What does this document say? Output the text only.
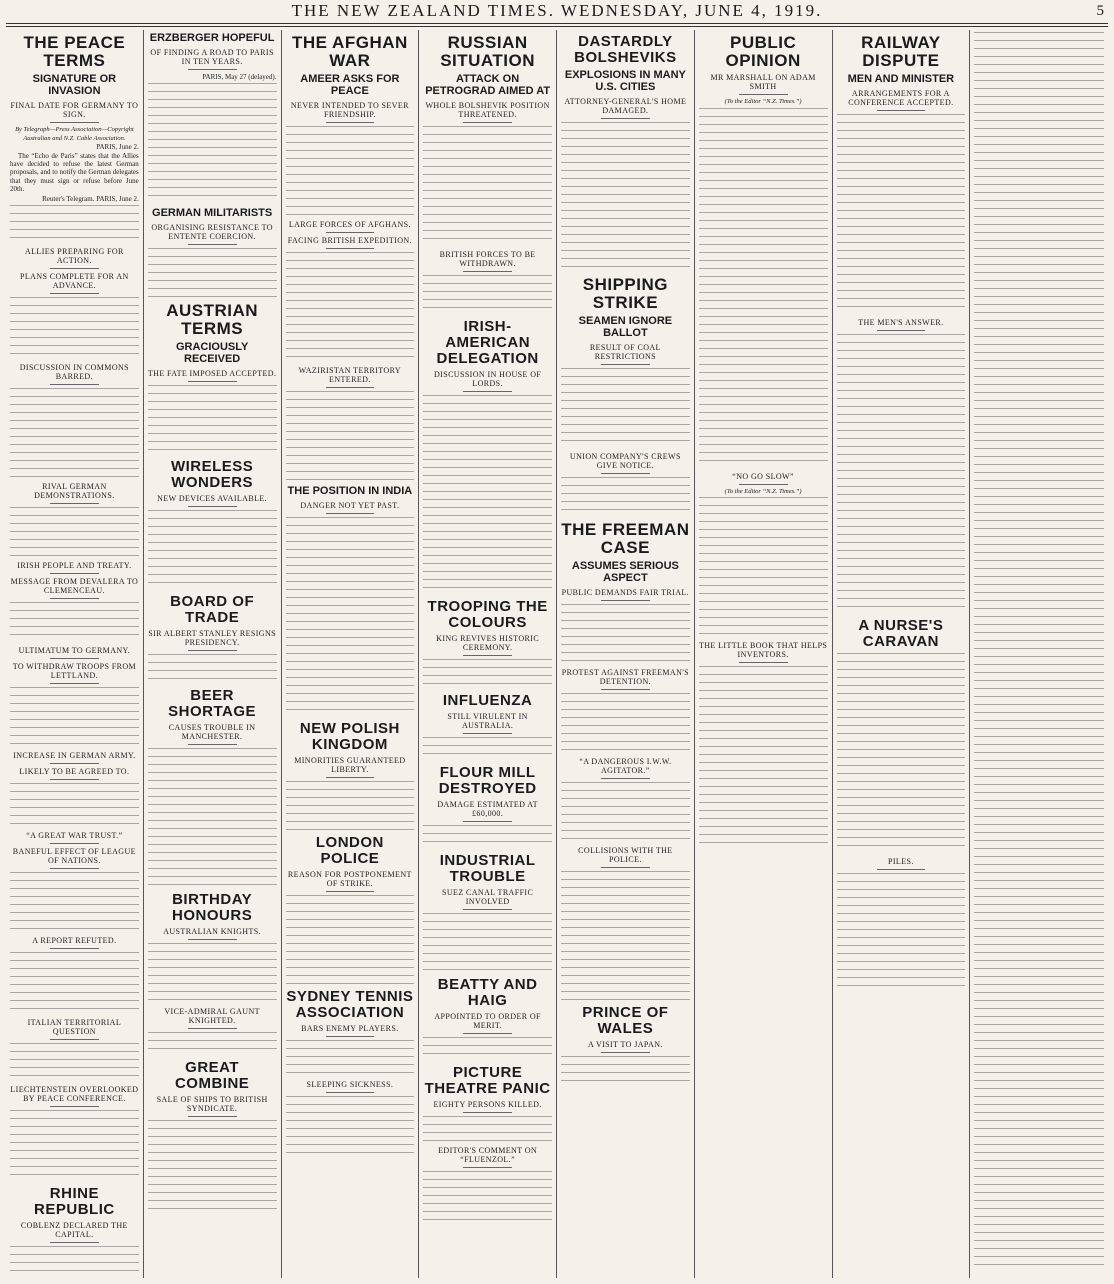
THE NEW ZEALAND TIMES. WEDNESDAY, JUNE 4, 1919.	5
THE PEACE TERMS
SIGNATURE OR INVASION
FINAL DATE FOR GERMANY TO SIGN.
By Telegraph—Press Association—Copyright
Australian and N.Z. Cable Association.
PARIS, June 2.
The “Echo de Paris” states that the Allies have decided to refuse the latest German proposals, and to notify the German delegates that they must sign or refuse before June 20th.
Reuter's Telegram. PARIS, June 2.
ALLIES PREPARING FOR ACTION.
PLANS COMPLETE FOR AN ADVANCE.
DISCUSSION IN COMMONS BARRED.
RIVAL GERMAN DEMONSTRATIONS.
IRISH PEOPLE AND TREATY.
MESSAGE FROM DEVALERA TO CLEMENCEAU.
ULTIMATUM TO GERMANY.
TO WITHDRAW TROOPS FROM LETTLAND.
INCREASE IN GERMAN ARMY.
LIKELY TO BE AGREED TO.
“A GREAT WAR TRUST.”
BANEFUL EFFECT OF LEAGUE OF NATIONS.
A REPORT REFUTED.
ITALIAN TERRITORIAL QUESTION
LIECHTENSTEIN OVERLOOKED BY PEACE CONFERENCE.
RHINE REPUBLIC
COBLENZ DECLARED THE CAPITAL.
ERZBERGER HOPEFUL
OF FINDING A ROAD TO PARIS IN TEN YEARS.
PARIS, May 27 (delayed).
GERMAN MILITARISTS
ORGANISING RESISTANCE TO ENTENTE COERCION.
AUSTRIAN TERMS
GRACIOUSLY RECEIVED
THE FATE IMPOSED ACCEPTED.
WIRELESS WONDERS
NEW DEVICES AVAILABLE.
BOARD OF TRADE
SIR ALBERT STANLEY RESIGNS PRESIDENCY.
BEER SHORTAGE
CAUSES TROUBLE IN MANCHESTER.
BIRTHDAY HONOURS
AUSTRALIAN KNIGHTS.
VICE-ADMIRAL GAUNT KNIGHTED.
GREAT COMBINE
SALE OF SHIPS TO BRITISH SYNDICATE.
THE AFGHAN WAR
AMEER ASKS FOR PEACE
NEVER INTENDED TO SEVER FRIENDSHIP.
LARGE FORCES OF AFGHANS.
FACING BRITISH EXPEDITION.
WAZIRISTAN TERRITORY ENTERED.
THE POSITION IN INDIA
DANGER NOT YET PAST.
NEW POLISH KINGDOM
MINORITIES GUARANTEED LIBERTY.
LONDON POLICE
REASON FOR POSTPONEMENT OF STRIKE.
SYDNEY TENNIS ASSOCIATION
BARS ENEMY PLAYERS.
SLEEPING SICKNESS.
RUSSIAN SITUATION
ATTACK ON PETROGRAD AIMED AT
WHOLE BOLSHEVIK POSITION THREATENED.
BRITISH FORCES TO BE WITHDRAWN.
IRISH-AMERICAN DELEGATION
DISCUSSION IN HOUSE OF LORDS.
TROOPING THE COLOURS
KING REVIVES HISTORIC CEREMONY.
INFLUENZA
STILL VIRULENT IN AUSTRALIA.
FLOUR MILL DESTROYED
DAMAGE ESTIMATED AT £60,000.
INDUSTRIAL TROUBLE
SUEZ CANAL TRAFFIC INVOLVED
BEATTY AND HAIG
APPOINTED TO ORDER OF MERIT.
PICTURE THEATRE PANIC
EIGHTY PERSONS KILLED.
EDITOR'S COMMENT ON “FLUENZOL.”
DASTARDLY BOLSHEVIKS
EXPLOSIONS IN MANY U.S. CITIES
ATTORNEY-GENERAL'S HOME DAMAGED.
SHIPPING STRIKE
SEAMEN IGNORE BALLOT
RESULT OF COAL RESTRICTIONS
UNION COMPANY'S CREWS GIVE NOTICE.
THE FREEMAN CASE
ASSUMES SERIOUS ASPECT
PUBLIC DEMANDS FAIR TRIAL.
PROTEST AGAINST FREEMAN'S DETENTION.
“A DANGEROUS I.W.W. AGITATOR.”
COLLISIONS WITH THE POLICE.
PRINCE OF WALES
A VISIT TO JAPAN.
PUBLIC OPINION
MR MARSHALL ON ADAM SMITH
(To the Editor “N.Z. Times.”)
“NO GO SLOW”
(To the Editor “N.Z. Times.”)
THE LITTLE BOOK THAT HELPS INVENTORS.
RAILWAY DISPUTE
MEN AND MINISTER
ARRANGEMENTS FOR A CONFERENCE ACCEPTED.
THE MEN'S ANSWER.
A NURSE'S CARAVAN
PILES.
